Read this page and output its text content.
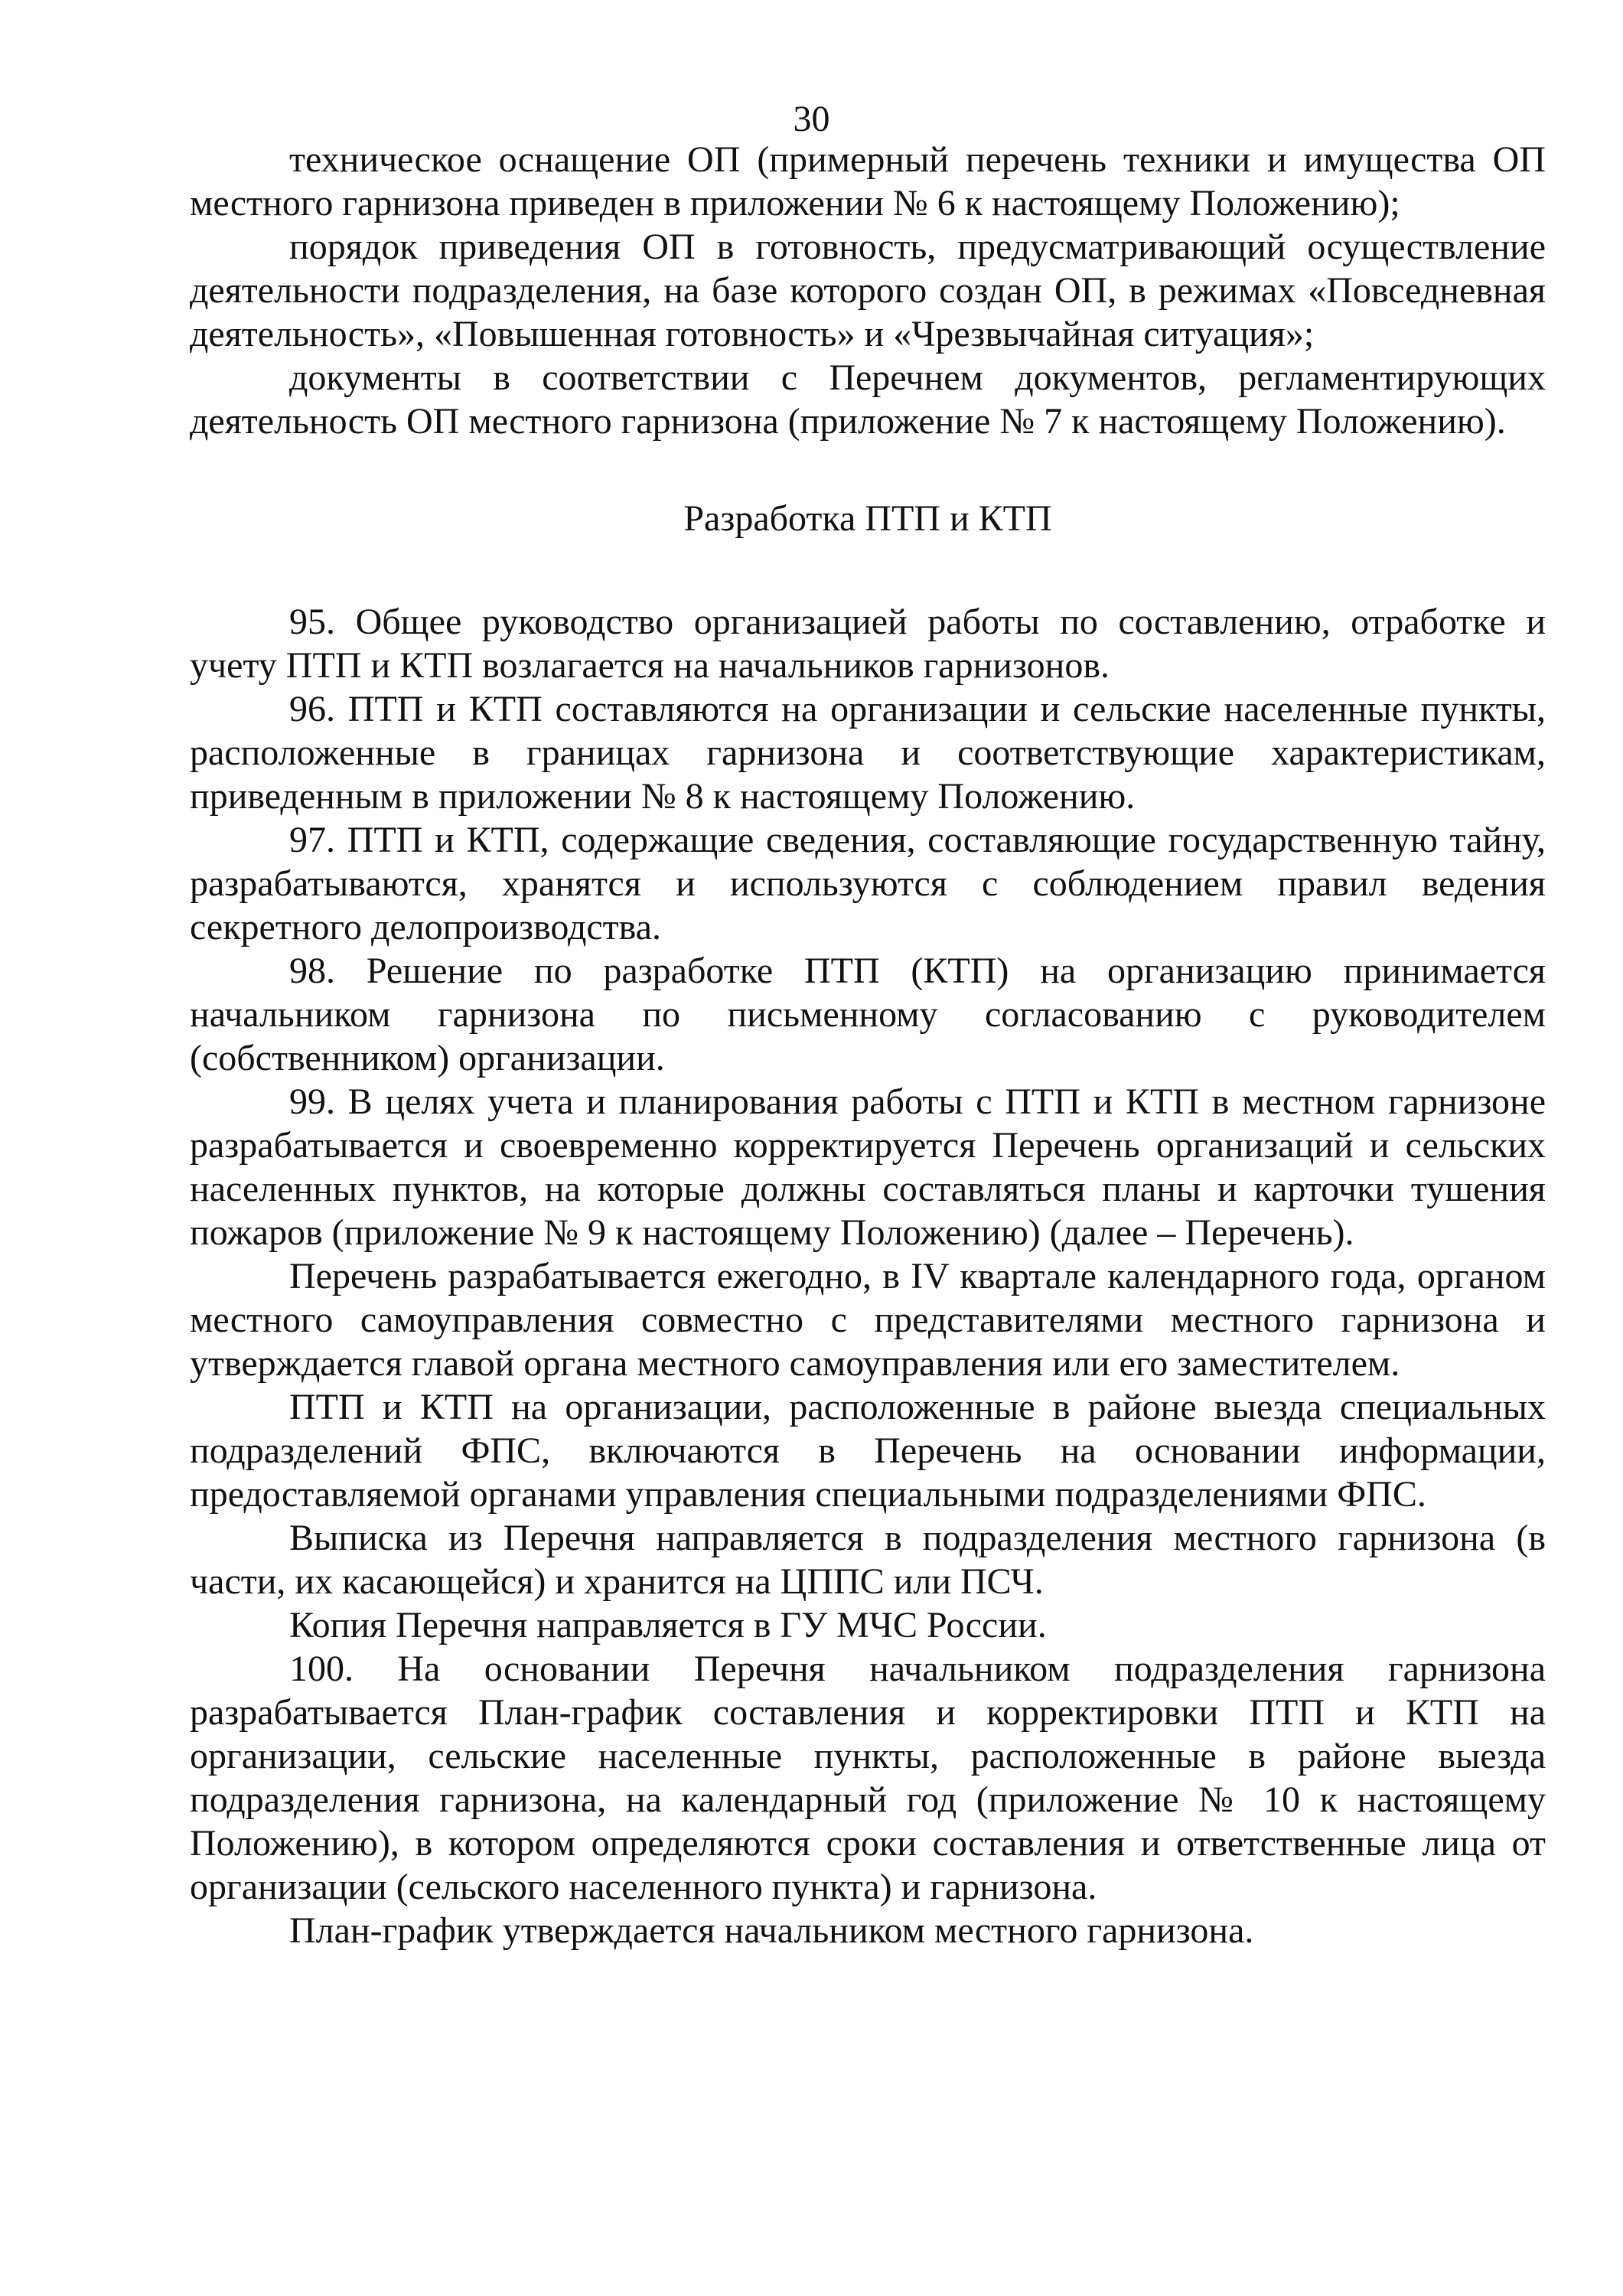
30

техническое оснащение ОП (примерный перечень техники и имущества ОП местного гарнизона приведен в приложении № 6 к настоящему Положению);

порядок приведения ОП в готовность, предусматривающий осуществление деятельности подразделения, на базе которого создан ОП, в режимах «Повседневная деятельность», «Повышенная готовность» и «Чрезвычайная ситуация»;

документы в соответствии с Перечнем документов, регламентирующих деятельность ОП местного гарнизона (приложение № 7 к настоящему Положению).

Разработка ПТП и КТП

95. Общее руководство организацией работы по составлению, отработке и учету ПТП и КТП возлагается на начальников гарнизонов.

96. ПТП и КТП составляются на организации и сельские населенные пункты, расположенные в границах гарнизона и соответствующие характеристикам, приведенным в приложении № 8 к настоящему Положению.

97. ПТП и КТП, содержащие сведения, составляющие государственную тайну, разрабатываются, хранятся и используются с соблюдением правил ведения секретного делопроизводства.

98. Решение по разработке ПТП (КТП) на организацию принимается начальником гарнизона по письменному согласованию с руководителем (собственником) организации.

99. В целях учета и планирования работы с ПТП и КТП в местном гарнизоне разрабатывается и своевременно корректируется Перечень организаций и сельских населенных пунктов, на которые должны составляться планы и карточки тушения пожаров (приложение № 9 к настоящему Положению) (далее – Перечень).

Перечень разрабатывается ежегодно, в IV квартале календарного года, органом местного самоуправления совместно с представителями местного гарнизона и утверждается главой органа местного самоуправления или его заместителем.

ПТП и КТП на организации, расположенные в районе выезда специальных подразделений ФПС, включаются в Перечень на основании информации, предоставляемой органами управления специальными подразделениями ФПС.

Выписка из Перечня направляется в подразделения местного гарнизона (в части, их касающейся) и хранится на ЦППС или ПСЧ.

Копия Перечня направляется в ГУ МЧС России.

100. На основании Перечня начальником подразделения гарнизона разрабатывается План-график составления и корректировки ПТП и КТП на организации, сельские населенные пункты, расположенные в районе выезда подразделения гарнизона, на календарный год (приложение № 10 к настоящему Положению), в котором определяются сроки составления и ответственные лица от организации (сельского населенного пункта) и гарнизона.

План-график утверждается начальником местного гарнизона.
